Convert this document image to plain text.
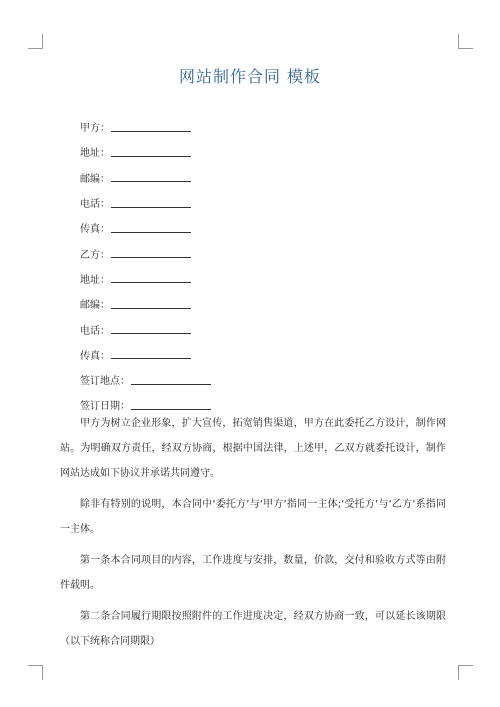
网站制作合同 模板
甲方：
地址：
邮编：
电话：
传真：
乙方：
地址：
邮编：
电话：
传真：
签订地点：
签订日期：

甲方为树立企业形象，扩大宣传，拓宽销售渠道，甲方在此委托乙方设计，制作网站。为明确双方责任，经双方协商，根据中国法律，上述甲，乙双方就委托设计，制作网站达成如下协议并承诺共同遵守。

除非有特别的说明，本合同中‘委托方’与‘甲方’指同一主体;‘受托方’与‘乙方’系指同一主体。

第一条本合同项目的内容，工作进度与安排，数量，价款，交付和验收方式等由附件载明。

第二条合同履行期限按照附件的工作进度决定，经双方协商一致，可以延长该期限（以下统称合同期限）
